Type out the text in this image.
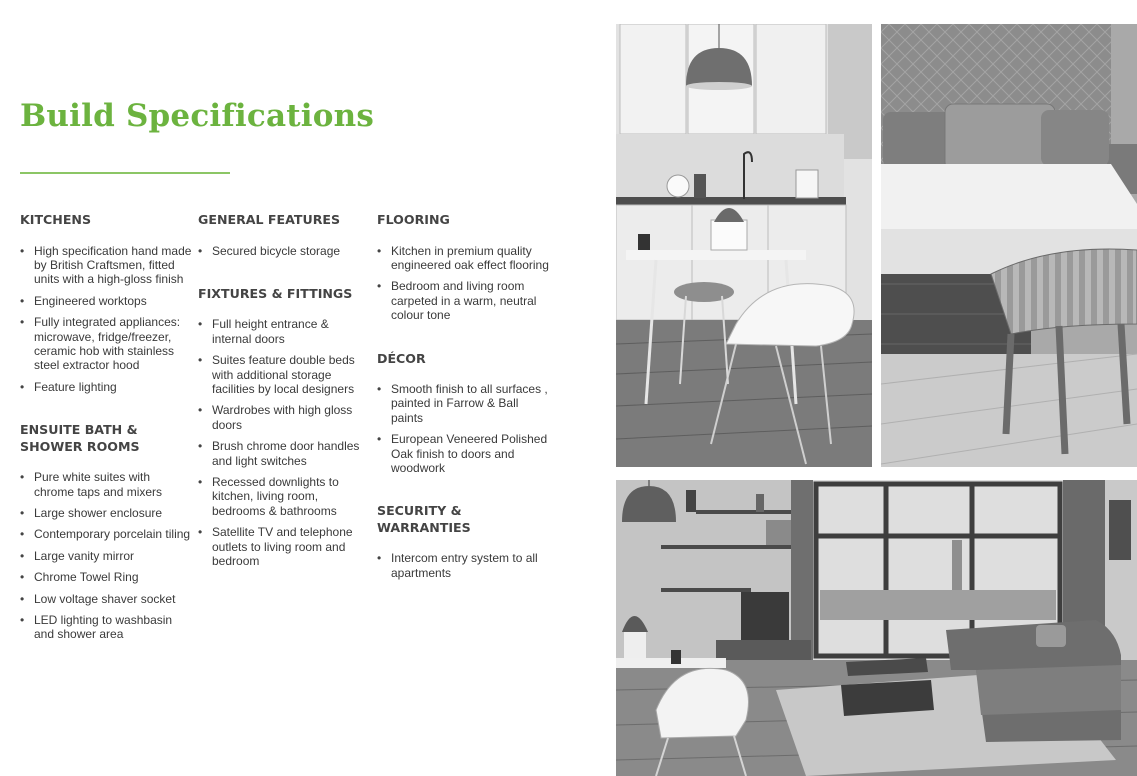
Build Specifications
KITCHENS
• High specification hand made by British Craftsmen, fitted units with a high-gloss finish
• Engineered worktops
• Fully integrated appliances: microwave, fridge/freezer, ceramic hob with stainless steel extractor hood
• Feature lighting
ENSUITE BATH & SHOWER ROOMS
• Pure white suites with chrome taps and mixers
• Large shower enclosure
• Contemporary porcelain tiling
• Large vanity mirror
• Chrome Towel Ring
• Low voltage shaver socket
• LED lighting to washbasin and shower area
GENERAL FEATURES
• Secured bicycle storage
FIXTURES & FITTINGS
• Full height entrance & internal doors
• Suites feature double beds with additional storage facilities by local designers
• Wardrobes with high gloss doors
• Brush chrome door handles and light switches
• Recessed downlights to kitchen, living room, bedrooms & bathrooms
• Satellite TV and telephone outlets to living room and bedroom
FLOORING
• Kitchen in premium quality engineered oak effect flooring
• Bedroom and living room carpeted in a warm, neutral colour tone
DÉCOR
• Smooth finish to all surfaces , painted in Farrow & Ball paints
• European Veneered Polished Oak finish to doors and woodwork
SECURITY & WARRANTIES
• Intercom entry system to all apartments
